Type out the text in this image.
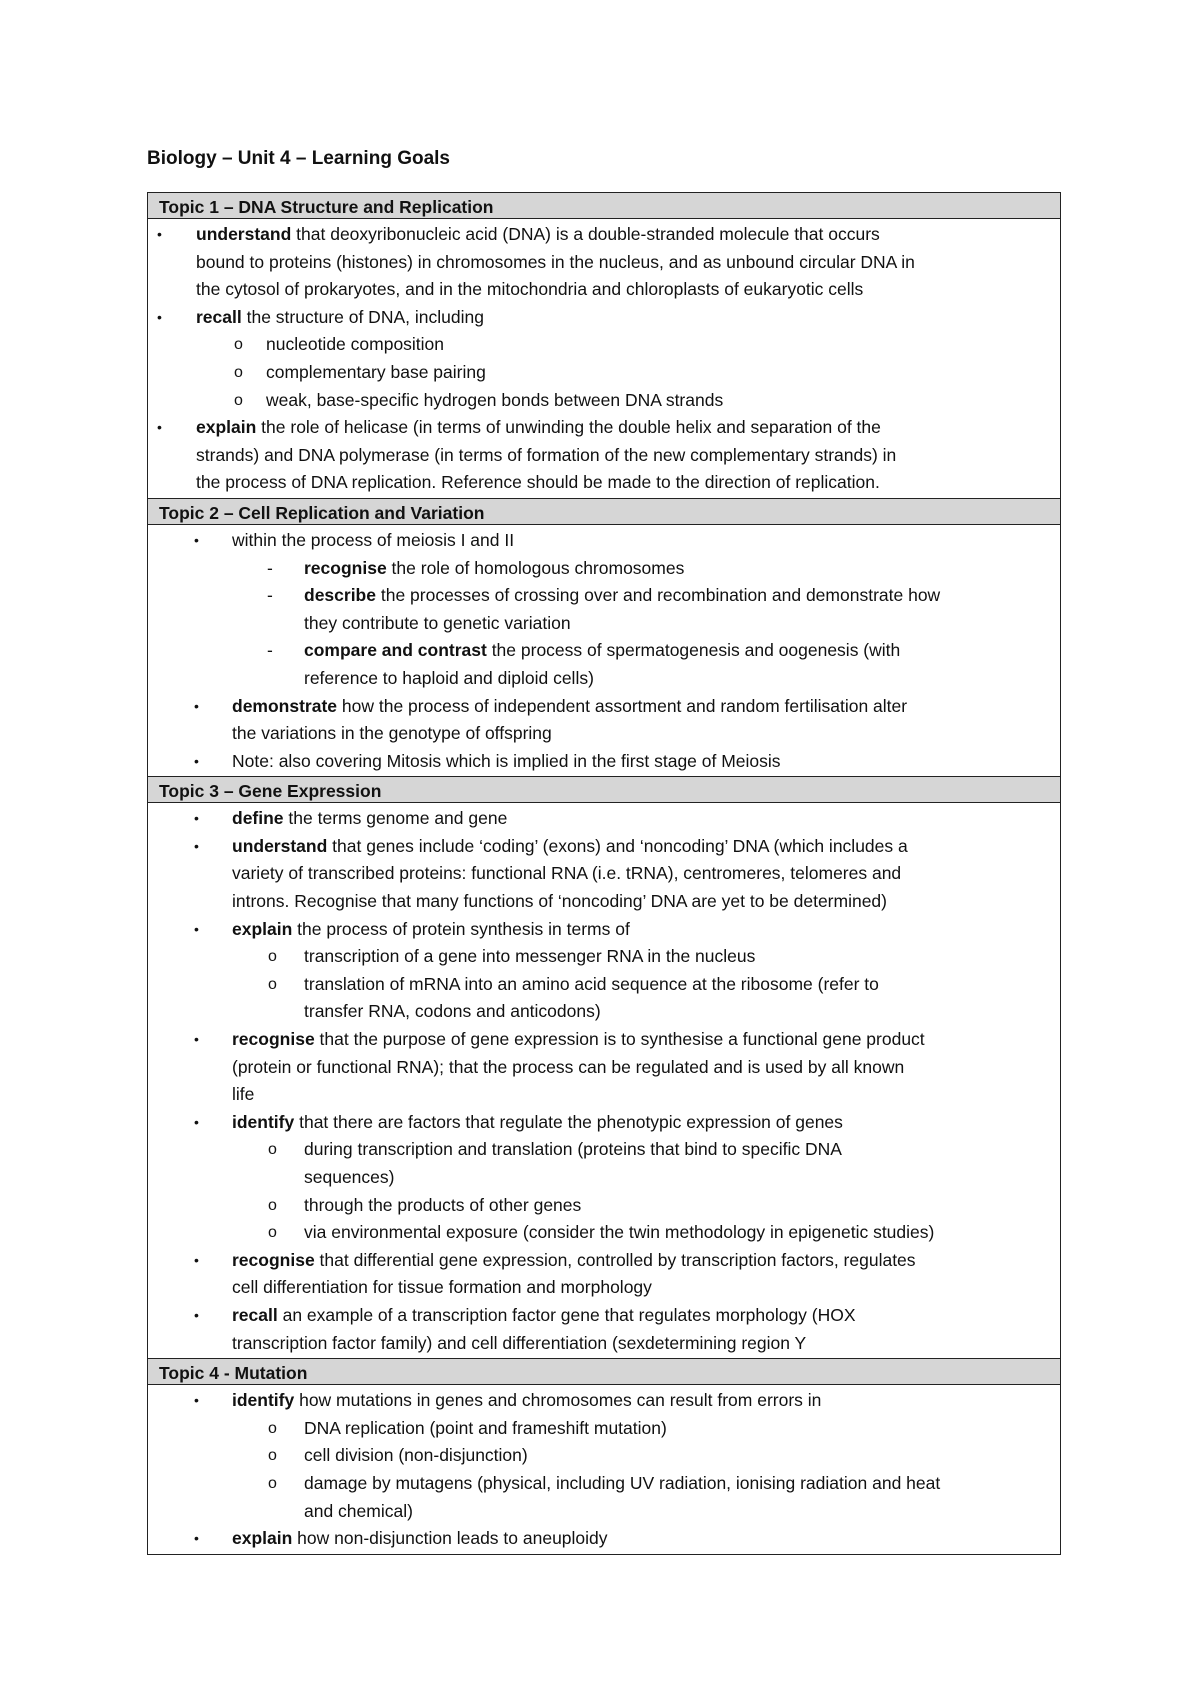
Biology – Unit 4 – Learning Goals
Topic 1 – DNA Structure and Replication
• understand that deoxyribonucleic acid (DNA) is a double-stranded molecule that occurs
bound to proteins (histones) in chromosomes in the nucleus, and as unbound circular DNA in
the cytosol of prokaryotes, and in the mitochondria and chloroplasts of eukaryotic cells
• recall the structure of DNA, including
o nucleotide composition
o complementary base pairing
o weak, base-specific hydrogen bonds between DNA strands
• explain the role of helicase (in terms of unwinding the double helix and separation of the
strands) and DNA polymerase (in terms of formation of the new complementary strands) in
the process of DNA replication. Reference should be made to the direction of replication.
Topic 2 – Cell Replication and Variation
• within the process of meiosis I and II
- recognise the role of homologous chromosomes
- describe the processes of crossing over and recombination and demonstrate how
they contribute to genetic variation
- compare and contrast the process of spermatogenesis and oogenesis (with
reference to haploid and diploid cells)
• demonstrate how the process of independent assortment and random fertilisation alter
the variations in the genotype of offspring
• Note: also covering Mitosis which is implied in the first stage of Meiosis
Topic 3 – Gene Expression
• define the terms genome and gene
• understand that genes include ‘coding’ (exons) and ‘noncoding’ DNA (which includes a
variety of transcribed proteins: functional RNA (i.e. tRNA), centromeres, telomeres and
introns. Recognise that many functions of ‘noncoding’ DNA are yet to be determined)
• explain the process of protein synthesis in terms of
o transcription of a gene into messenger RNA in the nucleus
o translation of mRNA into an amino acid sequence at the ribosome (refer to
transfer RNA, codons and anticodons)
• recognise that the purpose of gene expression is to synthesise a functional gene product
(protein or functional RNA); that the process can be regulated and is used by all known
life
• identify that there are factors that regulate the phenotypic expression of genes
o during transcription and translation (proteins that bind to specific DNA
sequences)
o through the products of other genes
o via environmental exposure (consider the twin methodology in epigenetic studies)
• recognise that differential gene expression, controlled by transcription factors, regulates
cell differentiation for tissue formation and morphology
• recall an example of a transcription factor gene that regulates morphology (HOX
transcription factor family) and cell differentiation (sexdetermining region Y
Topic 4 - Mutation
• identify how mutations in genes and chromosomes can result from errors in
o DNA replication (point and frameshift mutation)
o cell division (non-disjunction)
o damage by mutagens (physical, including UV radiation, ionising radiation and heat
and chemical)
• explain how non-disjunction leads to aneuploidy
